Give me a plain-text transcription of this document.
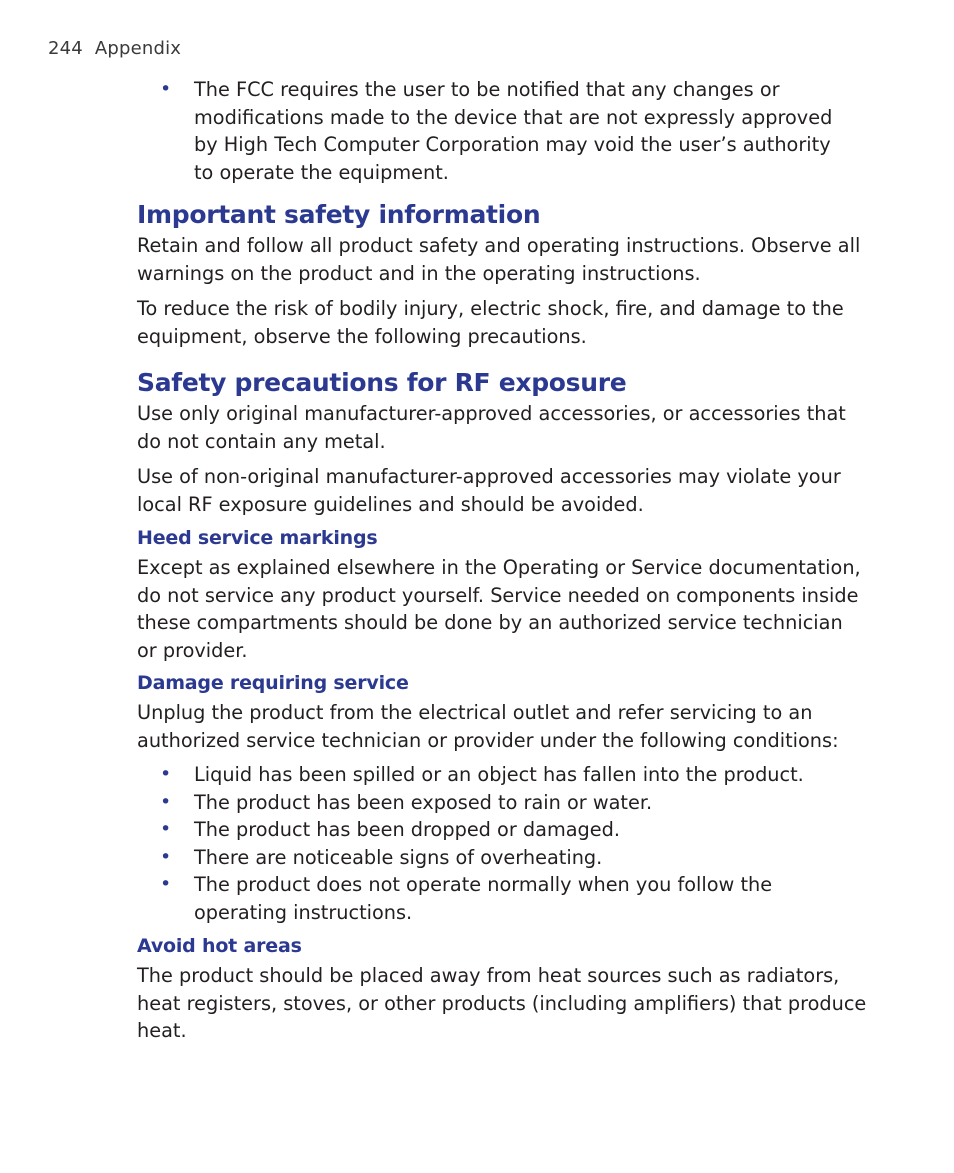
244 Appendix
• The FCC requires the user to be notified that any changes or modifications made to the device that are not expressly approved by High Tech Computer Corporation may void the user’s authority to operate the equipment.
Important safety information

Retain and follow all product safety and operating instructions. Observe all warnings on the product and in the operating instructions.

To reduce the risk of bodily injury, electric shock, fire, and damage to the equipment, observe the following precautions.

Safety precautions for RF exposure

Use only original manufacturer-approved accessories, or accessories that do not contain any metal.

Use of non-original manufacturer-approved accessories may violate your local RF exposure guidelines and should be avoided.

Heed service markings

Except as explained elsewhere in the Operating or Service documentation, do not service any product yourself. Service needed on components inside these compartments should be done by an authorized service technician or provider.

Damage requiring service

Unplug the product from the electrical outlet and refer servicing to an authorized service technician or provider under the following conditions:

• Liquid has been spilled or an object has fallen into the product.
• The product has been exposed to rain or water.
• The product has been dropped or damaged.
• There are noticeable signs of overheating.
• The product does not operate normally when you follow the operating instructions.
Avoid hot areas

The product should be placed away from heat sources such as radiators, heat registers, stoves, or other products (including amplifiers) that produce heat.
